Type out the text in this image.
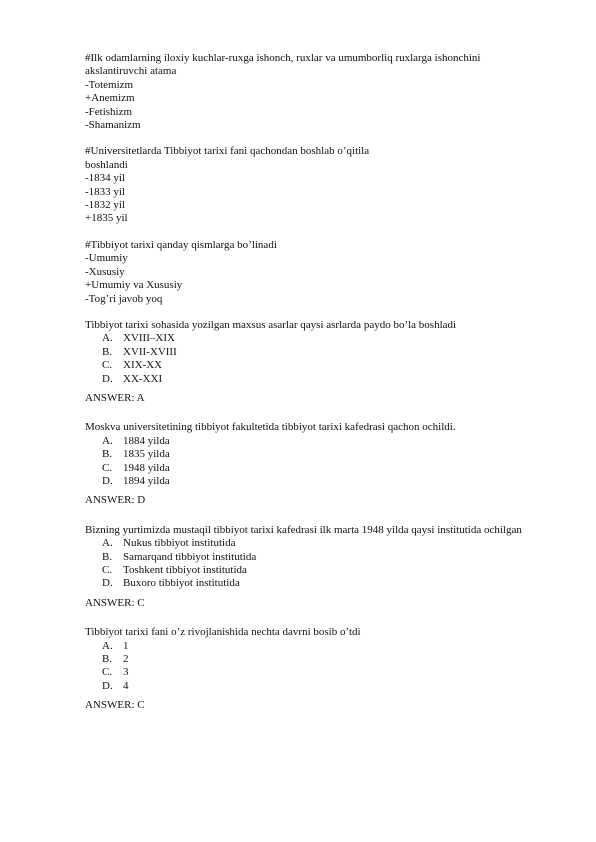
#Ilk odamlarning iloxiy kuchlar-ruxga ishonch, ruxlar va umumborliq ruxlarga ishonchini
akslantiruvchi atama
-Totemizm
+Anemizm
-Fetishizm
-Shamanizm
#Universitetlarda Tibbiyot tarixi fani qachondan boshlab o’qitila
boshlandi
-1834 yil
-1833 yil
-1832 yil
+1835 yil
#Tibbiyot tarixi qanday qismlarga bo’linadi
-Umumiy
-Xususiy
+Umumiy va Xususiy
-Tog’ri javob yoq
Tibbiyot tarixi sohasida yozilgan maxsus asarlar qaysi asrlarda paydo bo’la boshladi
A. XVIII–XIX
B. XVII-XVIII
C. XIX-XX
D. XX-XXI
ANSWER: A
Moskva universitetining tibbiyot fakultetida tibbiyot tarixi kafedrasi qachon ochildi.
A. 1884 yilda
B. 1835 yilda
C. 1948 yilda
D. 1894 yilda
ANSWER: D
Bizning yurtimizda mustaqil tibbiyot tarixi kafedrasi ilk marta 1948 yilda qaysi institutida ochilgan
A. Nukus tibbiyot institutida
B. Samarqand tibbiyot institutida
C. Toshkent tibbiyot institutida
D. Buxoro tibbiyot institutida
ANSWER: C
Tibbiyot tarixi fani o’z rivojlanishida nechta davrni bosib o’tdi
A. 1
B. 2
C. 3
D. 4
ANSWER: C
